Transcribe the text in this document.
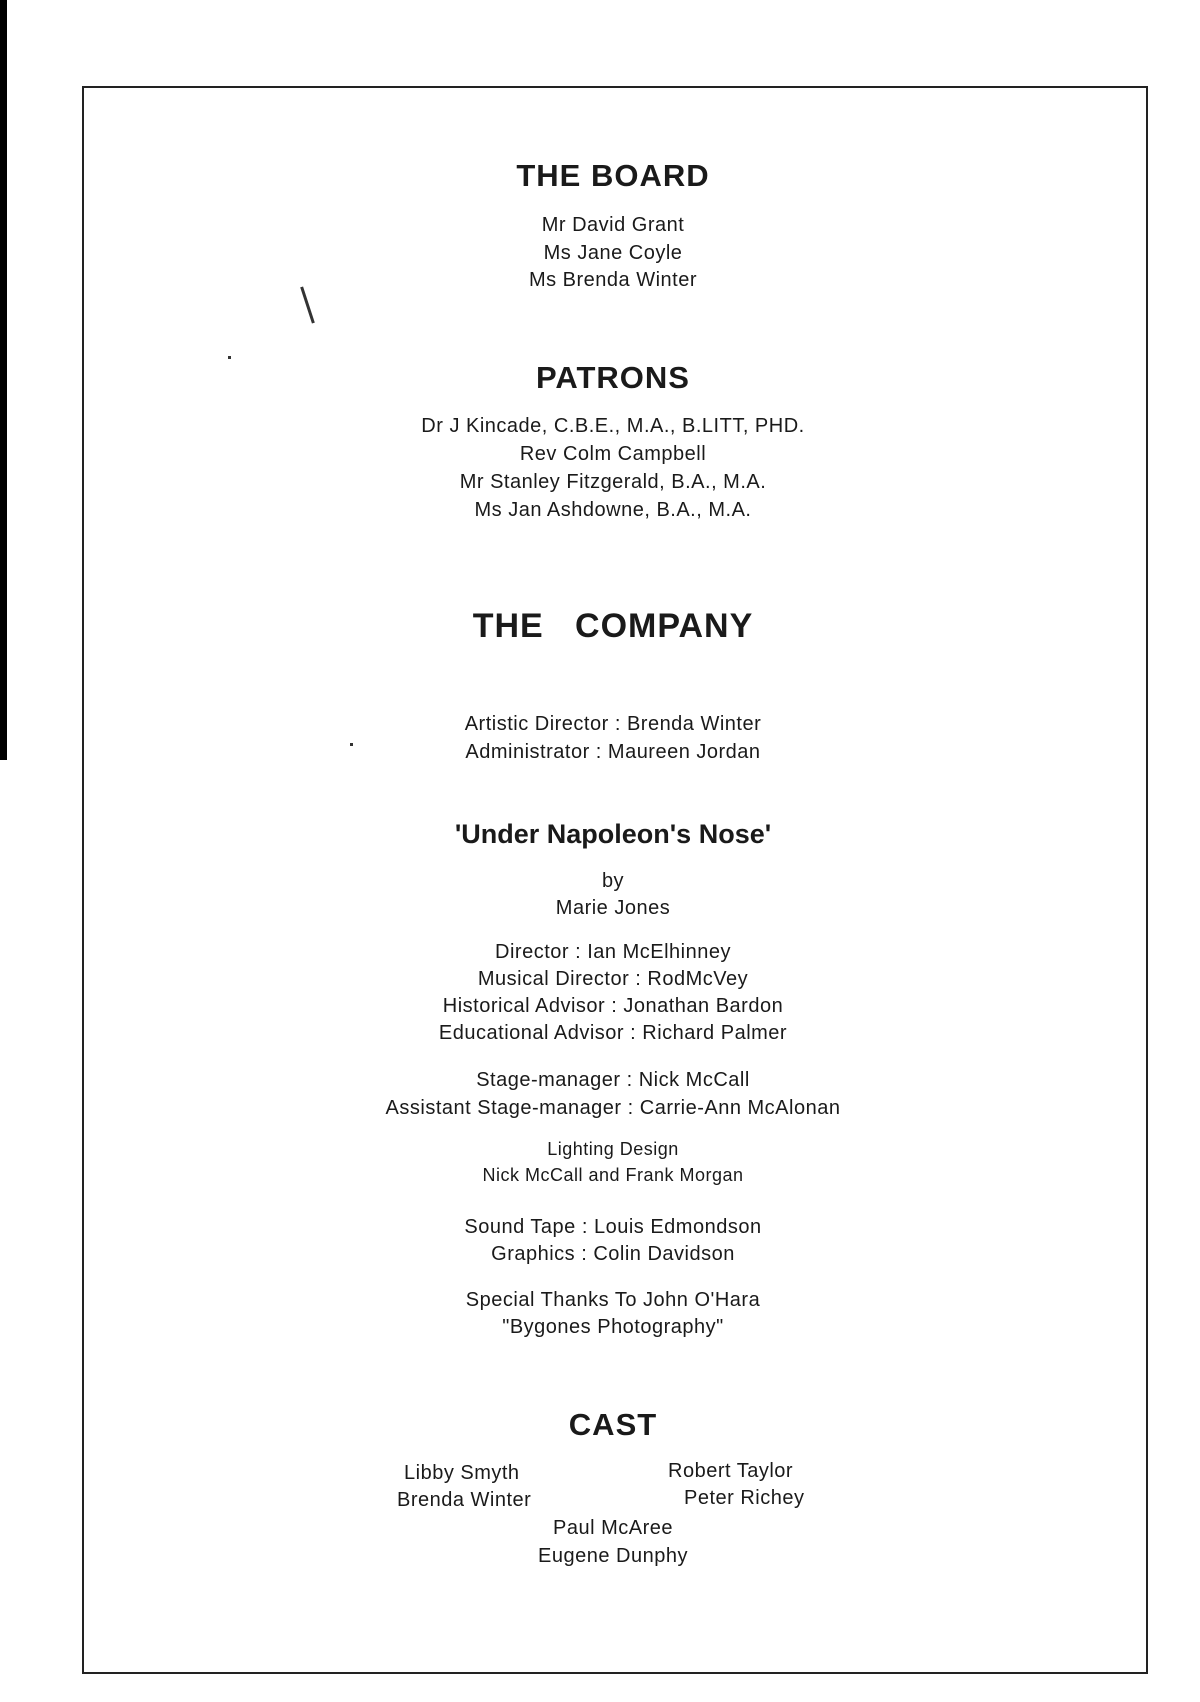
THE BOARD
Mr David Grant
Ms Jane Coyle
Ms Brenda Winter
PATRONS
Dr J Kincade, C.B.E., M.A., B.LITT, PHD.
Rev Colm Campbell
Mr Stanley Fitzgerald, B.A., M.A.
Ms Jan Ashdowne, B.A., M.A.
THE   COMPANY
Artistic Director : Brenda Winter
Administrator : Maureen Jordan
'Under Napoleon's Nose'
by
Marie Jones
Director : Ian McElhinney
Musical Director : RodMcVey
Historical Advisor : Jonathan Bardon
Educational Advisor : Richard Palmer
Stage-manager : Nick McCall
Assistant Stage-manager : Carrie-Ann McAlonan
Lighting Design
Nick McCall and Frank Morgan
Sound Tape : Louis Edmondson
Graphics : Colin Davidson
Special Thanks To John O'Hara
"Bygones Photography"
CAST
Libby Smyth	Robert Taylor
Brenda Winter	Peter Richey
Paul McAree
Eugene Dunphy
